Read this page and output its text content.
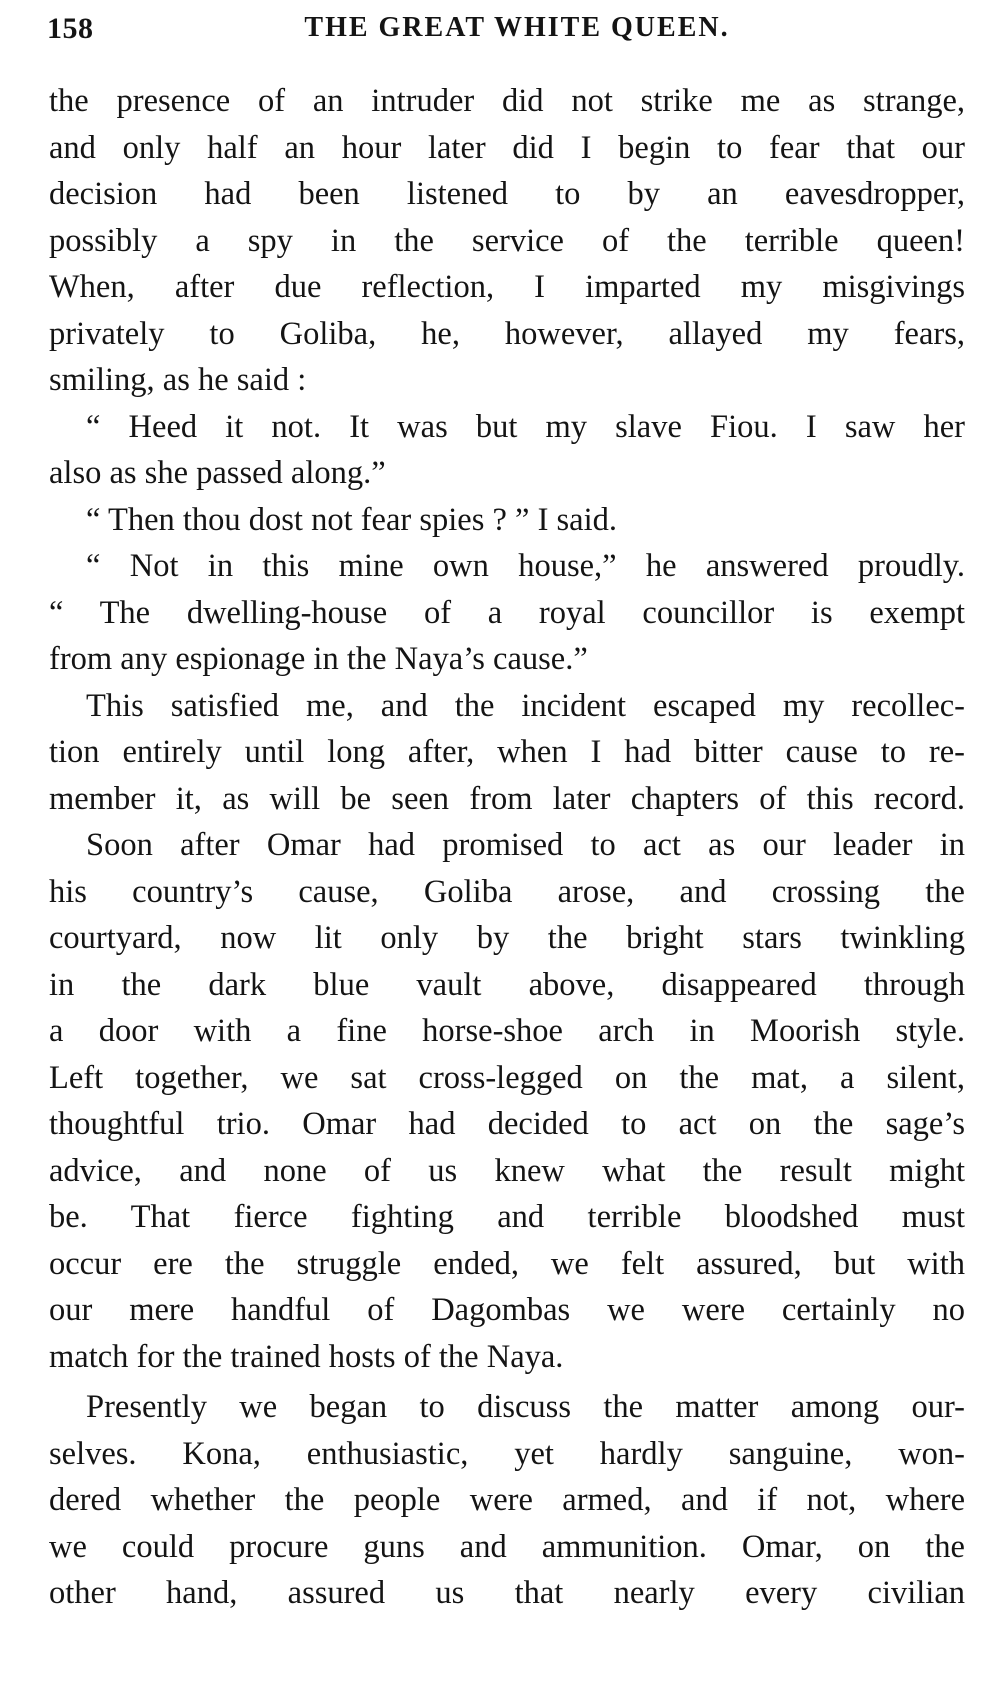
158	THE GREAT WHITE QUEEN.
the presence of an intruder did not strike me as strange,
and only half an hour later did I begin to fear that our
decision had been listened to by an eavesdropper,
possibly a spy in the service of the terrible queen!
When, after due reflection, I imparted my misgivings
privately to Goliba, he, however, allayed my fears,
smiling, as he said :
“ Heed it not. It was but my slave Fiou. I saw her
also as she passed along.”
“ Then thou dost not fear spies ? ” I said.
“ Not in this mine own house,” he answered proudly.
“ The dwelling-house of a royal councillor is exempt
from any espionage in the Naya’s cause.”
This satisfied me, and the incident escaped my recollec-
tion entirely until long after, when I had bitter cause to re-
member it, as will be seen from later chapters of this record.
Soon after Omar had promised to act as our leader in
his country’s cause, Goliba arose, and crossing the
courtyard, now lit only by the bright stars twinkling
in the dark blue vault above, disappeared through
a door with a fine horse-shoe arch in Moorish style.
Left together, we sat cross-legged on the mat, a silent,
thoughtful trio. Omar had decided to act on the sage’s
advice, and none of us knew what the result might
be. That fierce fighting and terrible bloodshed must
occur ere the struggle ended, we felt assured, but with
our mere handful of Dagombas we were certainly no
match for the trained hosts of the Naya.
Presently we began to discuss the matter among our-
selves. Kona, enthusiastic, yet hardly sanguine, won-
dered whether the people were armed, and if not, where
we could procure guns and ammunition. Omar, on the
other hand, assured us that nearly every civilian
